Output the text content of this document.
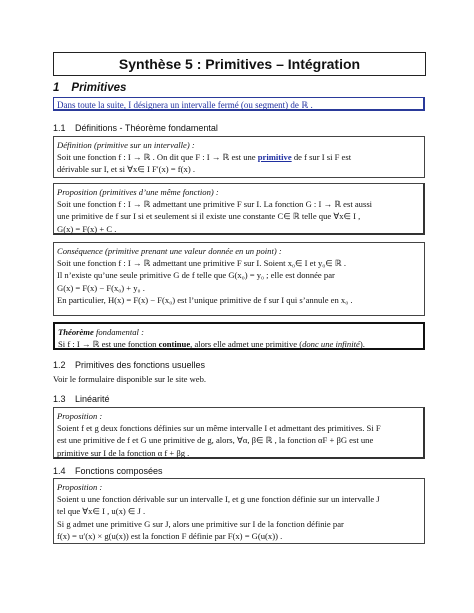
Synthèse 5 : Primitives – Intégration
1 Primitives
Dans toute la suite, I désignera un intervalle fermé (ou segment) de ℝ .
1.1 Définitions - Théorème fondamental
Définition (primitive sur un intervalle) :
Soit une fonction f : I → ℝ . On dit que F : I → ℝ est une primitive de f sur I si F est
dérivable sur I, et si ∀x∈ I F′(x) = f(x) .
Proposition (primitives d’une même fonction) :
Soit une fonction f : I → ℝ admettant une primitive F sur I. La fonction G : I → ℝ est aussi
une primitive de f sur I si et seulement si il existe une constante C∈ ℝ telle que ∀x∈ I ,
G(x) = F(x) + C .
Conséquence (primitive prenant une valeur donnée en un point) :
Soit une fonction f : I → ℝ admettant une primitive F sur I. Soient x₀∈ I et y₀∈ ℝ .
Il n’existe qu’une seule primitive G de f telle que G(x₀) = y₀ ; elle est donnée par
G(x) = F(x) − F(x₀) + y₀ .
En particulier, H(x) = F(x) − F(x₀) est l’unique primitive de f sur I qui s’annule en x₀ .
Théorème fondamental :
Si f : I → ℝ est une fonction continue, alors elle admet une primitive (donc une infinité).
1.2 Primitives des fonctions usuelles
Voir le formulaire disponible sur le site web.
1.3 Linéarité
Proposition :
Soient f et g deux fonctions définies sur un même intervalle I et admettant des primitives. Si F
est une primitive de f et G une primitive de g, alors, ∀α, β∈ ℝ , la fonction αF + βG est une
primitive sur I de la fonction α f + βg .
1.4 Fonctions composées
Proposition :
Soient u une fonction dérivable sur un intervalle I, et g une fonction définie sur un intervalle J
tel que ∀x∈ I , u(x) ∈ J .
Si g admet une primitive G sur J, alors une primitive sur I de la fonction définie par
f(x) = u′(x) × g(u(x)) est la fonction F définie par F(x) = G(u(x)) .
